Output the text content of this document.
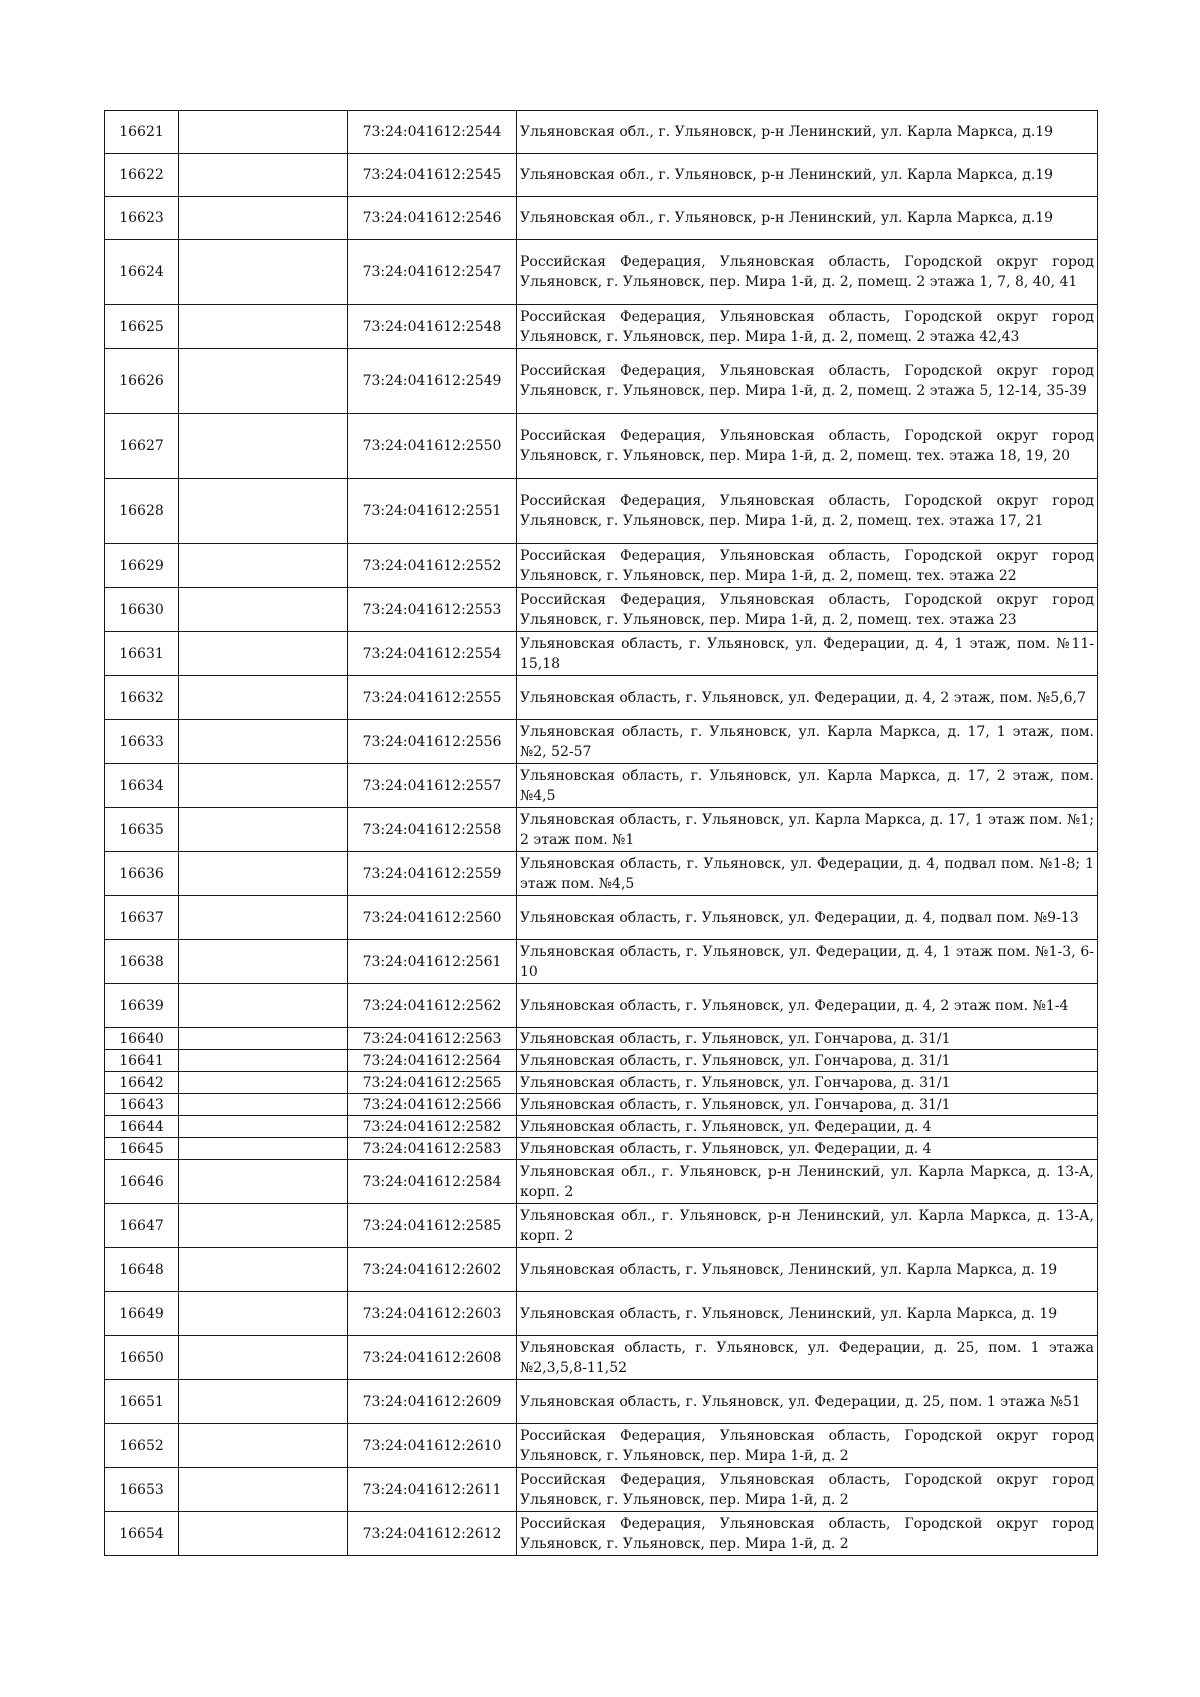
16621		73:24:041612:2544	Ульяновская обл., г. Ульяновск, р-н Ленинский, ул. Карла Маркса, д.19
16622		73:24:041612:2545	Ульяновская обл., г. Ульяновск, р-н Ленинский, ул. Карла Маркса, д.19
16623		73:24:041612:2546	Ульяновская обл., г. Ульяновск, р-н Ленинский, ул. Карла Маркса, д.19
16624		73:24:041612:2547	Российская Федерация, Ульяновская область, Городской округ город Ульяновск, г. Ульяновск, пер. Мира 1-й, д. 2, помещ. 2 этажа 1, 7, 8, 40, 41
16625		73:24:041612:2548	Российская Федерация, Ульяновская область, Городской округ город Ульяновск, г. Ульяновск, пер. Мира 1-й, д. 2, помещ. 2 этажа 42,43
16626		73:24:041612:2549	Российская Федерация, Ульяновская область, Городской округ город Ульяновск, г. Ульяновск, пер. Мира 1-й, д. 2, помещ. 2 этажа 5, 12-14, 35-39
16627		73:24:041612:2550	Российская Федерация, Ульяновская область, Городской округ город Ульяновск, г. Ульяновск, пер. Мира 1-й, д. 2, помещ. тех. этажа 18, 19, 20
16628		73:24:041612:2551	Российская Федерация, Ульяновская область, Городской округ город Ульяновск, г. Ульяновск, пер. Мира 1-й, д. 2, помещ. тех. этажа 17, 21
16629		73:24:041612:2552	Российская Федерация, Ульяновская область, Городской округ город Ульяновск, г. Ульяновск, пер. Мира 1-й, д. 2, помещ. тех. этажа 22
16630		73:24:041612:2553	Российская Федерация, Ульяновская область, Городской округ город Ульяновск, г. Ульяновск, пер. Мира 1-й, д. 2, помещ. тех. этажа 23
16631		73:24:041612:2554	Ульяновская область, г. Ульяновск, ул. Федерации, д. 4, 1 этаж, пом. №11-15,18
16632		73:24:041612:2555	Ульяновская область, г. Ульяновск, ул. Федерации, д. 4, 2 этаж, пом. №5,6,7
16633		73:24:041612:2556	Ульяновская область, г. Ульяновск, ул. Карла Маркса, д. 17, 1 этаж, пом. №2, 52-57
16634		73:24:041612:2557	Ульяновская область, г. Ульяновск, ул. Карла Маркса, д. 17, 2 этаж, пом. №4,5
16635		73:24:041612:2558	Ульяновская область, г. Ульяновск, ул. Карла Маркса, д. 17, 1 этаж пом. №1; 2 этаж пом. №1
16636		73:24:041612:2559	Ульяновская область, г. Ульяновск, ул. Федерации, д. 4, подвал пом. №1-8; 1 этаж пом. №4,5
16637		73:24:041612:2560	Ульяновская область, г. Ульяновск, ул. Федерации, д. 4, подвал пом. №9-13
16638		73:24:041612:2561	Ульяновская область, г. Ульяновск, ул. Федерации, д. 4, 1 этаж пом. №1-3, 6-10
16639		73:24:041612:2562	Ульяновская область, г. Ульяновск, ул. Федерации, д. 4, 2 этаж пом. №1-4
16640		73:24:041612:2563	Ульяновская область, г. Ульяновск, ул. Гончарова, д. 31/1
16641		73:24:041612:2564	Ульяновская область, г. Ульяновск, ул. Гончарова, д. 31/1
16642		73:24:041612:2565	Ульяновская область, г. Ульяновск, ул. Гончарова, д. 31/1
16643		73:24:041612:2566	Ульяновская область, г. Ульяновск, ул. Гончарова, д. 31/1
16644		73:24:041612:2582	Ульяновская область, г. Ульяновск, ул. Федерации, д. 4
16645		73:24:041612:2583	Ульяновская область, г. Ульяновск, ул. Федерации, д. 4
16646		73:24:041612:2584	Ульяновская обл., г. Ульяновск, р-н Ленинский, ул. Карла Маркса, д. 13-А, корп. 2
16647		73:24:041612:2585	Ульяновская обл., г. Ульяновск, р-н Ленинский, ул. Карла Маркса, д. 13-А, корп. 2
16648		73:24:041612:2602	Ульяновская область, г. Ульяновск, Ленинский, ул. Карла Маркса, д. 19
16649		73:24:041612:2603	Ульяновская область, г. Ульяновск, Ленинский, ул. Карла Маркса, д. 19
16650		73:24:041612:2608	Ульяновская область, г. Ульяновск, ул. Федерации, д. 25, пом. 1 этажа №2,3,5,8-11,52
16651		73:24:041612:2609	Ульяновская область, г. Ульяновск, ул. Федерации, д. 25, пом. 1 этажа №51
16652		73:24:041612:2610	Российская Федерация, Ульяновская область, Городской округ город Ульяновск, г. Ульяновск, пер. Мира 1-й, д. 2
16653		73:24:041612:2611	Российская Федерация, Ульяновская область, Городской округ город Ульяновск, г. Ульяновск, пер. Мира 1-й, д. 2
16654		73:24:041612:2612	Российская Федерация, Ульяновская область, Городской округ город Ульяновск, г. Ульяновск, пер. Мира 1-й, д. 2
